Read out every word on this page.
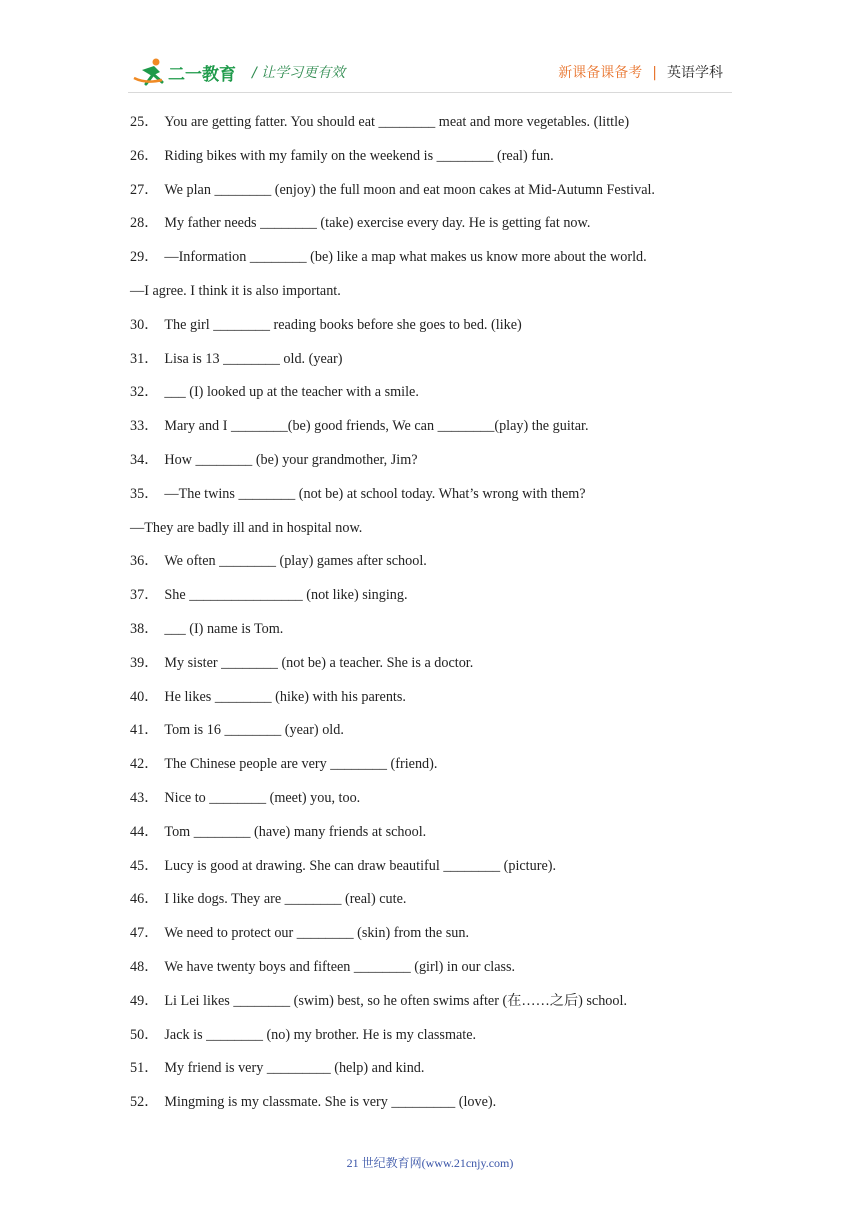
二一教育 / 让学习更有效	新课备课备考 | 英语学科
25． You are getting fatter. You should eat ________ meat and more vegetables. (little)
26． Riding bikes with my family on the weekend is ________ (real) fun.
27． We plan ________ (enjoy) the full moon and eat moon cakes at Mid-Autumn Festival.
28． My father needs ________ (take) exercise every day. He is getting fat now.
29． —Information ________ (be) like a map what makes us know more about the world.
—I agree. I think it is also important.
30． The girl ________ reading books before she goes to bed. (like)
31． Lisa is 13 ________ old. (year)
32． ___ (I) looked up at the teacher with a smile.
33． Mary and I ________(be) good friends, We can ________(play) the guitar.
34． How ________ (be) your grandmother, Jim?
35． —The twins ________ (not be) at school today. What’s wrong with them?
—They are badly ill and in hospital now.
36． We often ________ (play) games after school.
37． She ________________ (not like) singing.
38． ___ (I) name is Tom.
39． My sister ________ (not be) a teacher. She is a doctor.
40． He likes ________ (hike) with his parents.
41． Tom is 16 ________ (year) old.
42． The Chinese people are very ________ (friend).
43． Nice to ________ (meet) you, too.
44． Tom ________ (have) many friends at school.
45． Lucy is good at drawing. She can draw beautiful ________ (picture).
46． I like dogs. They are ________ (real) cute.
47． We need to protect our ________ (skin) from the sun.
48． We have twenty boys and fifteen ________ (girl) in our class.
49． Li Lei likes ________ (swim) best, so he often swims after (在……之后) school.
50． Jack is ________ (no) my brother. He is my classmate.
51． My friend is very _________ (help) and kind.
52． Mingming is my classmate. She is very _________ (love).
21 世纪教育网(www.21cnjy.com)
